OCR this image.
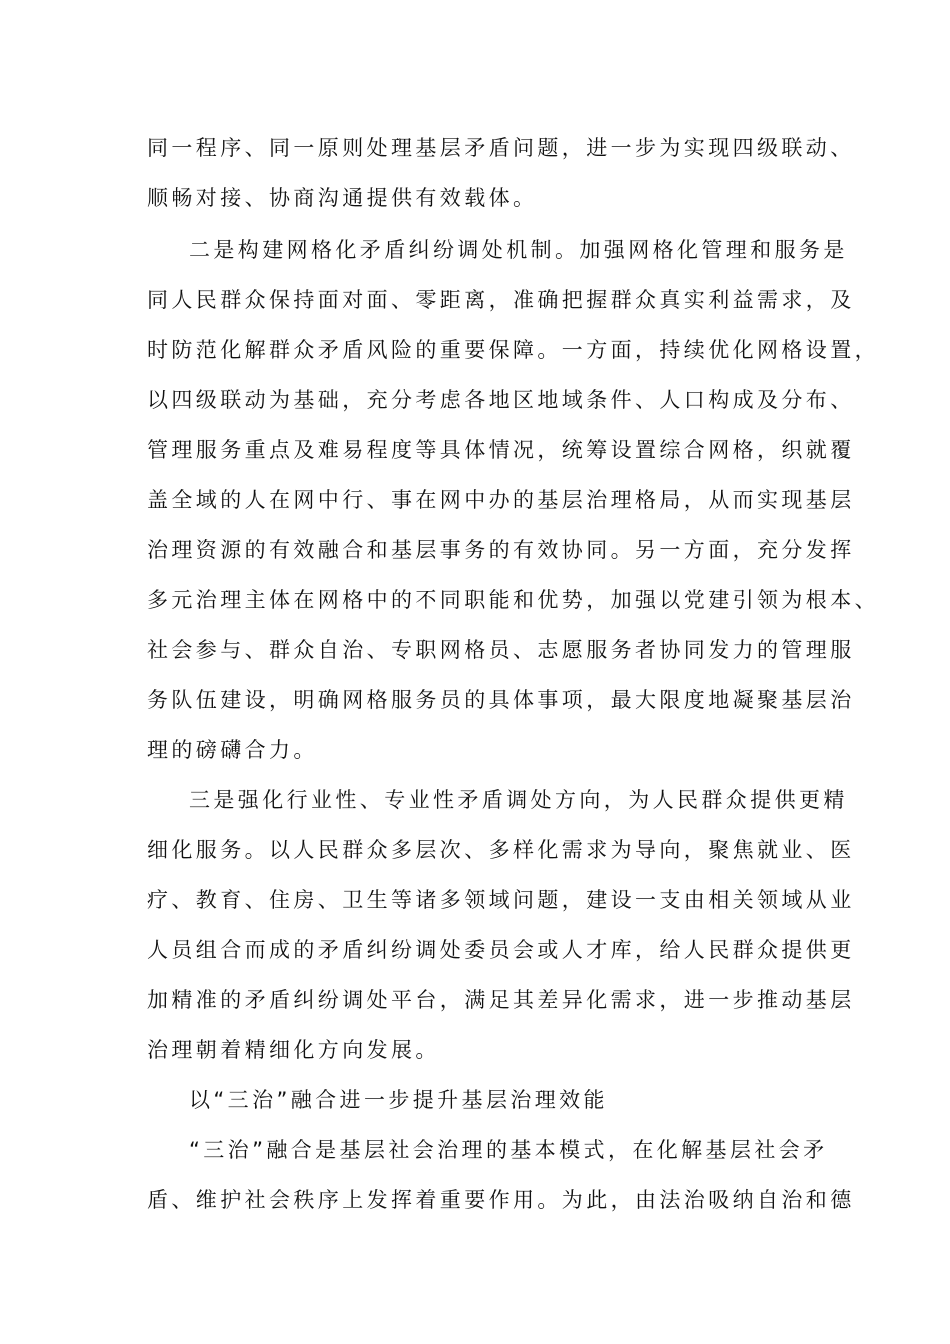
同一程序、同一原则处理基层矛盾问题，进一步为实现四级联动、
顺畅对接、协商沟通提供有效载体。
二是构建网格化矛盾纠纷调处机制。加强网格化管理和服务是
同人民群众保持面对面、零距离，准确把握群众真实利益需求，及
时防范化解群众矛盾风险的重要保障。一方面，持续优化网格设置，
以四级联动为基础，充分考虑各地区地域条件、人口构成及分布、
管理服务重点及难易程度等具体情况，统筹设置综合网格，织就覆
盖全域的人在网中行、事在网中办的基层治理格局，从而实现基层
治理资源的有效融合和基层事务的有效协同。另一方面，充分发挥
多元治理主体在网格中的不同职能和优势，加强以党建引领为根本、
社会参与、群众自治、专职网格员、志愿服务者协同发力的管理服
务队伍建设，明确网格服务员的具体事项，最大限度地凝聚基层治
理的磅礴合力。
三是强化行业性、专业性矛盾调处方向，为人民群众提供更精
细化服务。以人民群众多层次、多样化需求为导向，聚焦就业、医
疗、教育、住房、卫生等诸多领域问题，建设一支由相关领域从业
人员组合而成的矛盾纠纷调处委员会或人才库，给人民群众提供更
加精准的矛盾纠纷调处平台，满足其差异化需求，进一步推动基层
治理朝着精细化方向发展。
以“三治”融合进一步提升基层治理效能
“三治”融合是基层社会治理的基本模式，在化解基层社会矛
盾、维护社会秩序上发挥着重要作用。为此，由法治吸纳自治和德
